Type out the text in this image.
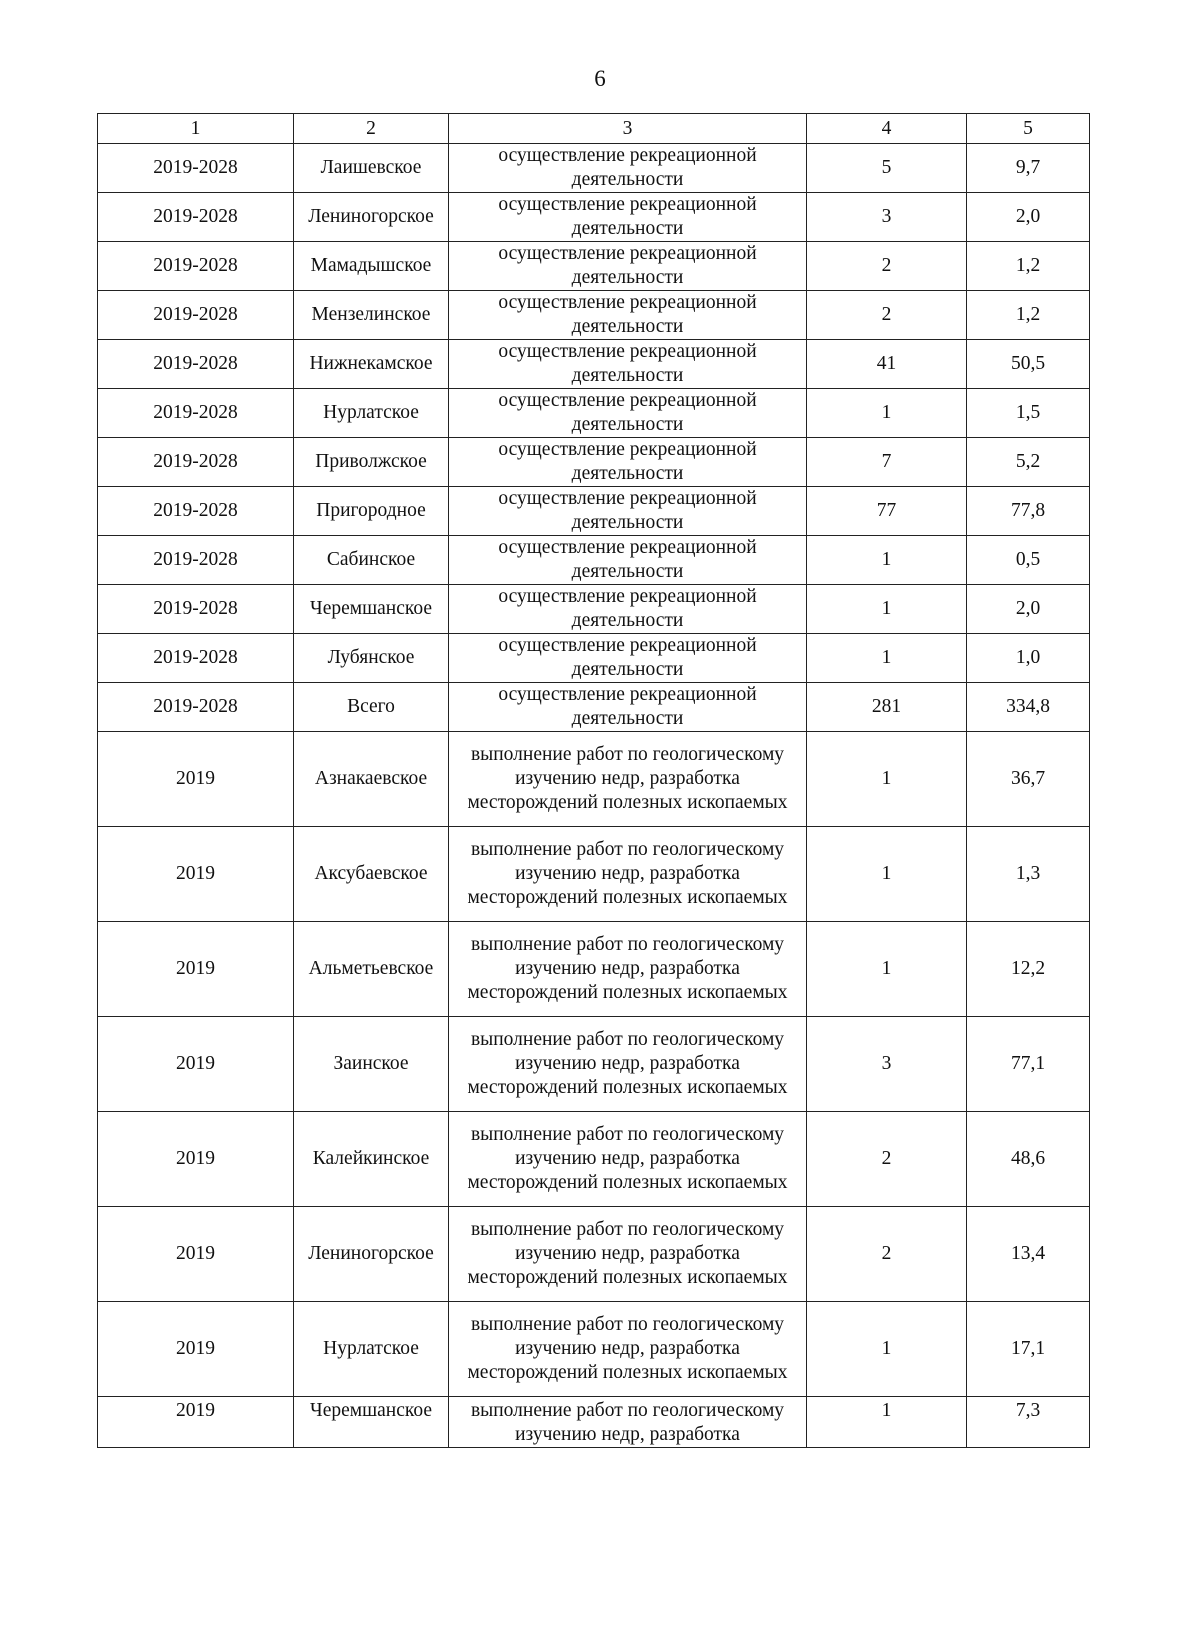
6
1	2	3	4	5
2019-2028	Лаишевское	осуществление рекреационной деятельности	5	9,7
2019-2028	Лениногорское	осуществление рекреационной деятельности	3	2,0
2019-2028	Мамадышское	осуществление рекреационной деятельности	2	1,2
2019-2028	Мензелинское	осуществление рекреационной деятельности	2	1,2
2019-2028	Нижнекамское	осуществление рекреационной деятельности	41	50,5
2019-2028	Нурлатское	осуществление рекреационной деятельности	1	1,5
2019-2028	Приволжское	осуществление рекреационной деятельности	7	5,2
2019-2028	Пригородное	осуществление рекреационной деятельности	77	77,8
2019-2028	Сабинское	осуществление рекреационной деятельности	1	0,5
2019-2028	Черемшанское	осуществление рекреационной деятельности	1	2,0
2019-2028	Лубянское	осуществление рекреационной деятельности	1	1,0
2019-2028	Всего	осуществление рекреационной деятельности	281	334,8
2019	Азнакаевское	выполнение работ по геологическому изучению недр, разработка месторождений полезных ископаемых	1	36,7
2019	Аксубаевское	выполнение работ по геологическому изучению недр, разработка месторождений полезных ископаемых	1	1,3
2019	Альметьевское	выполнение работ по геологическому изучению недр, разработка месторождений полезных ископаемых	1	12,2
2019	Заинское	выполнение работ по геологическому изучению недр, разработка месторождений полезных ископаемых	3	77,1
2019	Калейкинское	выполнение работ по геологическому изучению недр, разработка месторождений полезных ископаемых	2	48,6
2019	Лениногорское	выполнение работ по геологическому изучению недр, разработка месторождений полезных ископаемых	2	13,4
2019	Нурлатское	выполнение работ по геологическому изучению недр, разработка месторождений полезных ископаемых	1	17,1
2019	Черемшанское	выполнение работ по геологическому изучению недр, разработка	1	7,3
